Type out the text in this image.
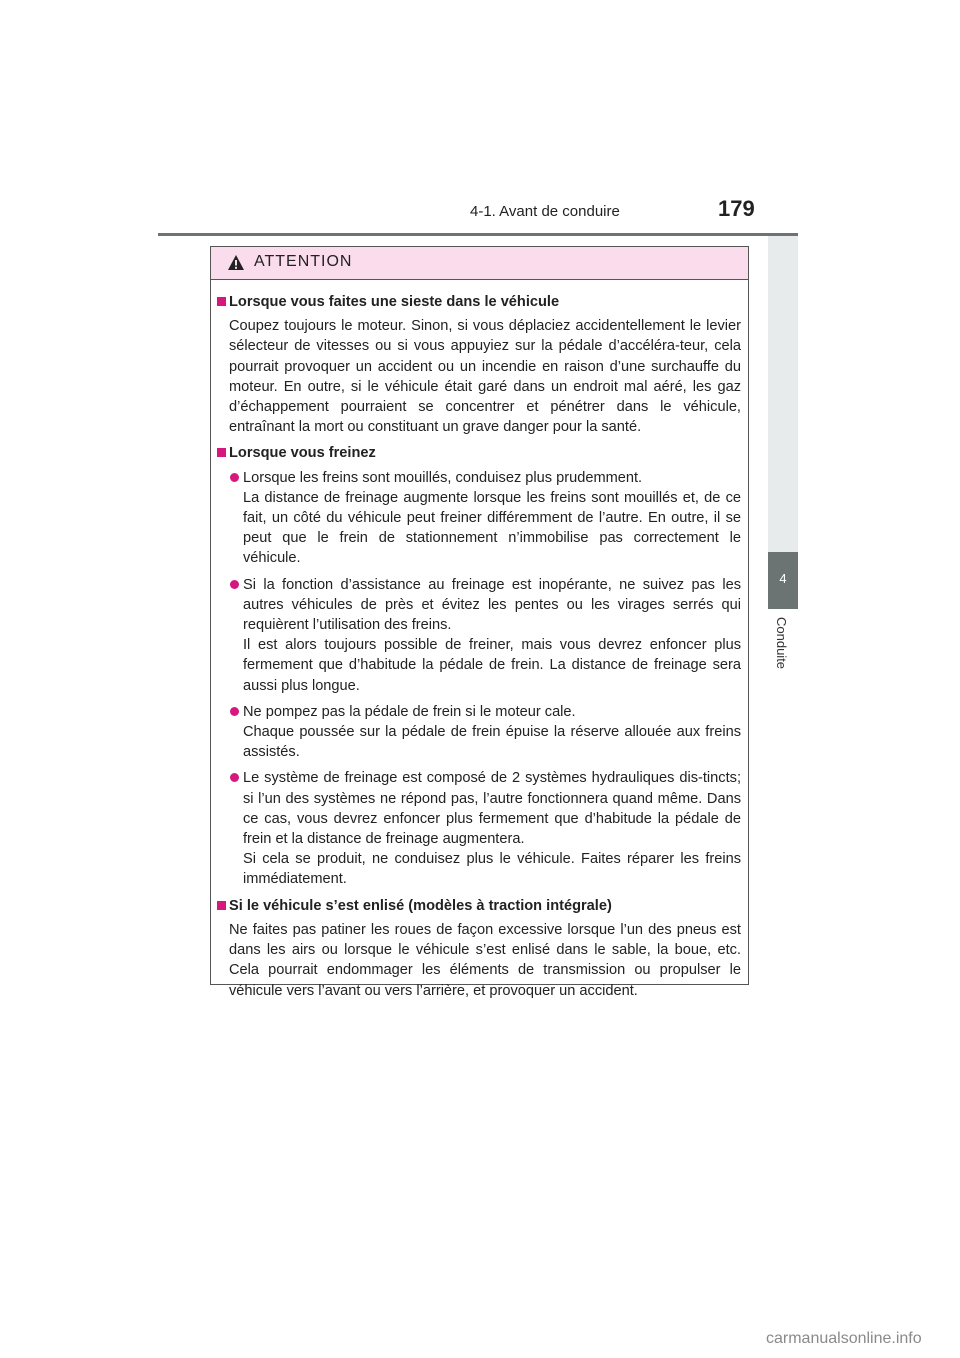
4-1. Avant de conduire	179
4
Conduite
ATTENTION
Lorsque vous faites une sieste dans le véhicule

Coupez toujours le moteur. Sinon, si vous déplaciez accidentellement le levier sélecteur de vitesses ou si vous appuyiez sur la pédale d’accéléra-teur, cela pourrait provoquer un accident ou un incendie en raison d’une surchauffe du moteur. En outre, si le véhicule était garé dans un endroit mal aéré, les gaz d’échappement pourraient se concentrer et pénétrer dans le véhicule, entraînant la mort ou constituant un grave danger pour la santé.

Lorsque vous freinez

Lorsque les freins sont mouillés, conduisez plus prudemment.

La distance de freinage augmente lorsque les freins sont mouillés et, de ce fait, un côté du véhicule peut freiner différemment de l’autre. En outre, il se peut que le frein de stationnement n’immobilise pas correctement le véhicule.

Si la fonction d’assistance au freinage est inopérante, ne suivez pas les autres véhicules de près et évitez les pentes ou les virages serrés qui requièrent l’utilisation des freins.

Il est alors toujours possible de freiner, mais vous devrez enfoncer plus fermement que d’habitude la pédale de frein. La distance de freinage sera aussi plus longue.

Ne pompez pas la pédale de frein si le moteur cale.

Chaque poussée sur la pédale de frein épuise la réserve allouée aux freins assistés.

Le système de freinage est composé de 2 systèmes hydrauliques dis-tincts; si l’un des systèmes ne répond pas, l’autre fonctionnera quand même. Dans ce cas, vous devrez enfoncer plus fermement que d’habitude la pédale de frein et la distance de freinage augmentera.

Si cela se produit, ne conduisez plus le véhicule. Faites réparer les freins immédiatement.

Si le véhicule s’est enlisé (modèles à traction intégrale)

Ne faites pas patiner les roues de façon excessive lorsque l’un des pneus est dans les airs ou lorsque le véhicule s’est enlisé dans le sable, la boue, etc. Cela pourrait endommager les éléments de transmission ou propulser le véhicule vers l’avant ou vers l’arrière, et provoquer un accident.

carmanualsonline.info
